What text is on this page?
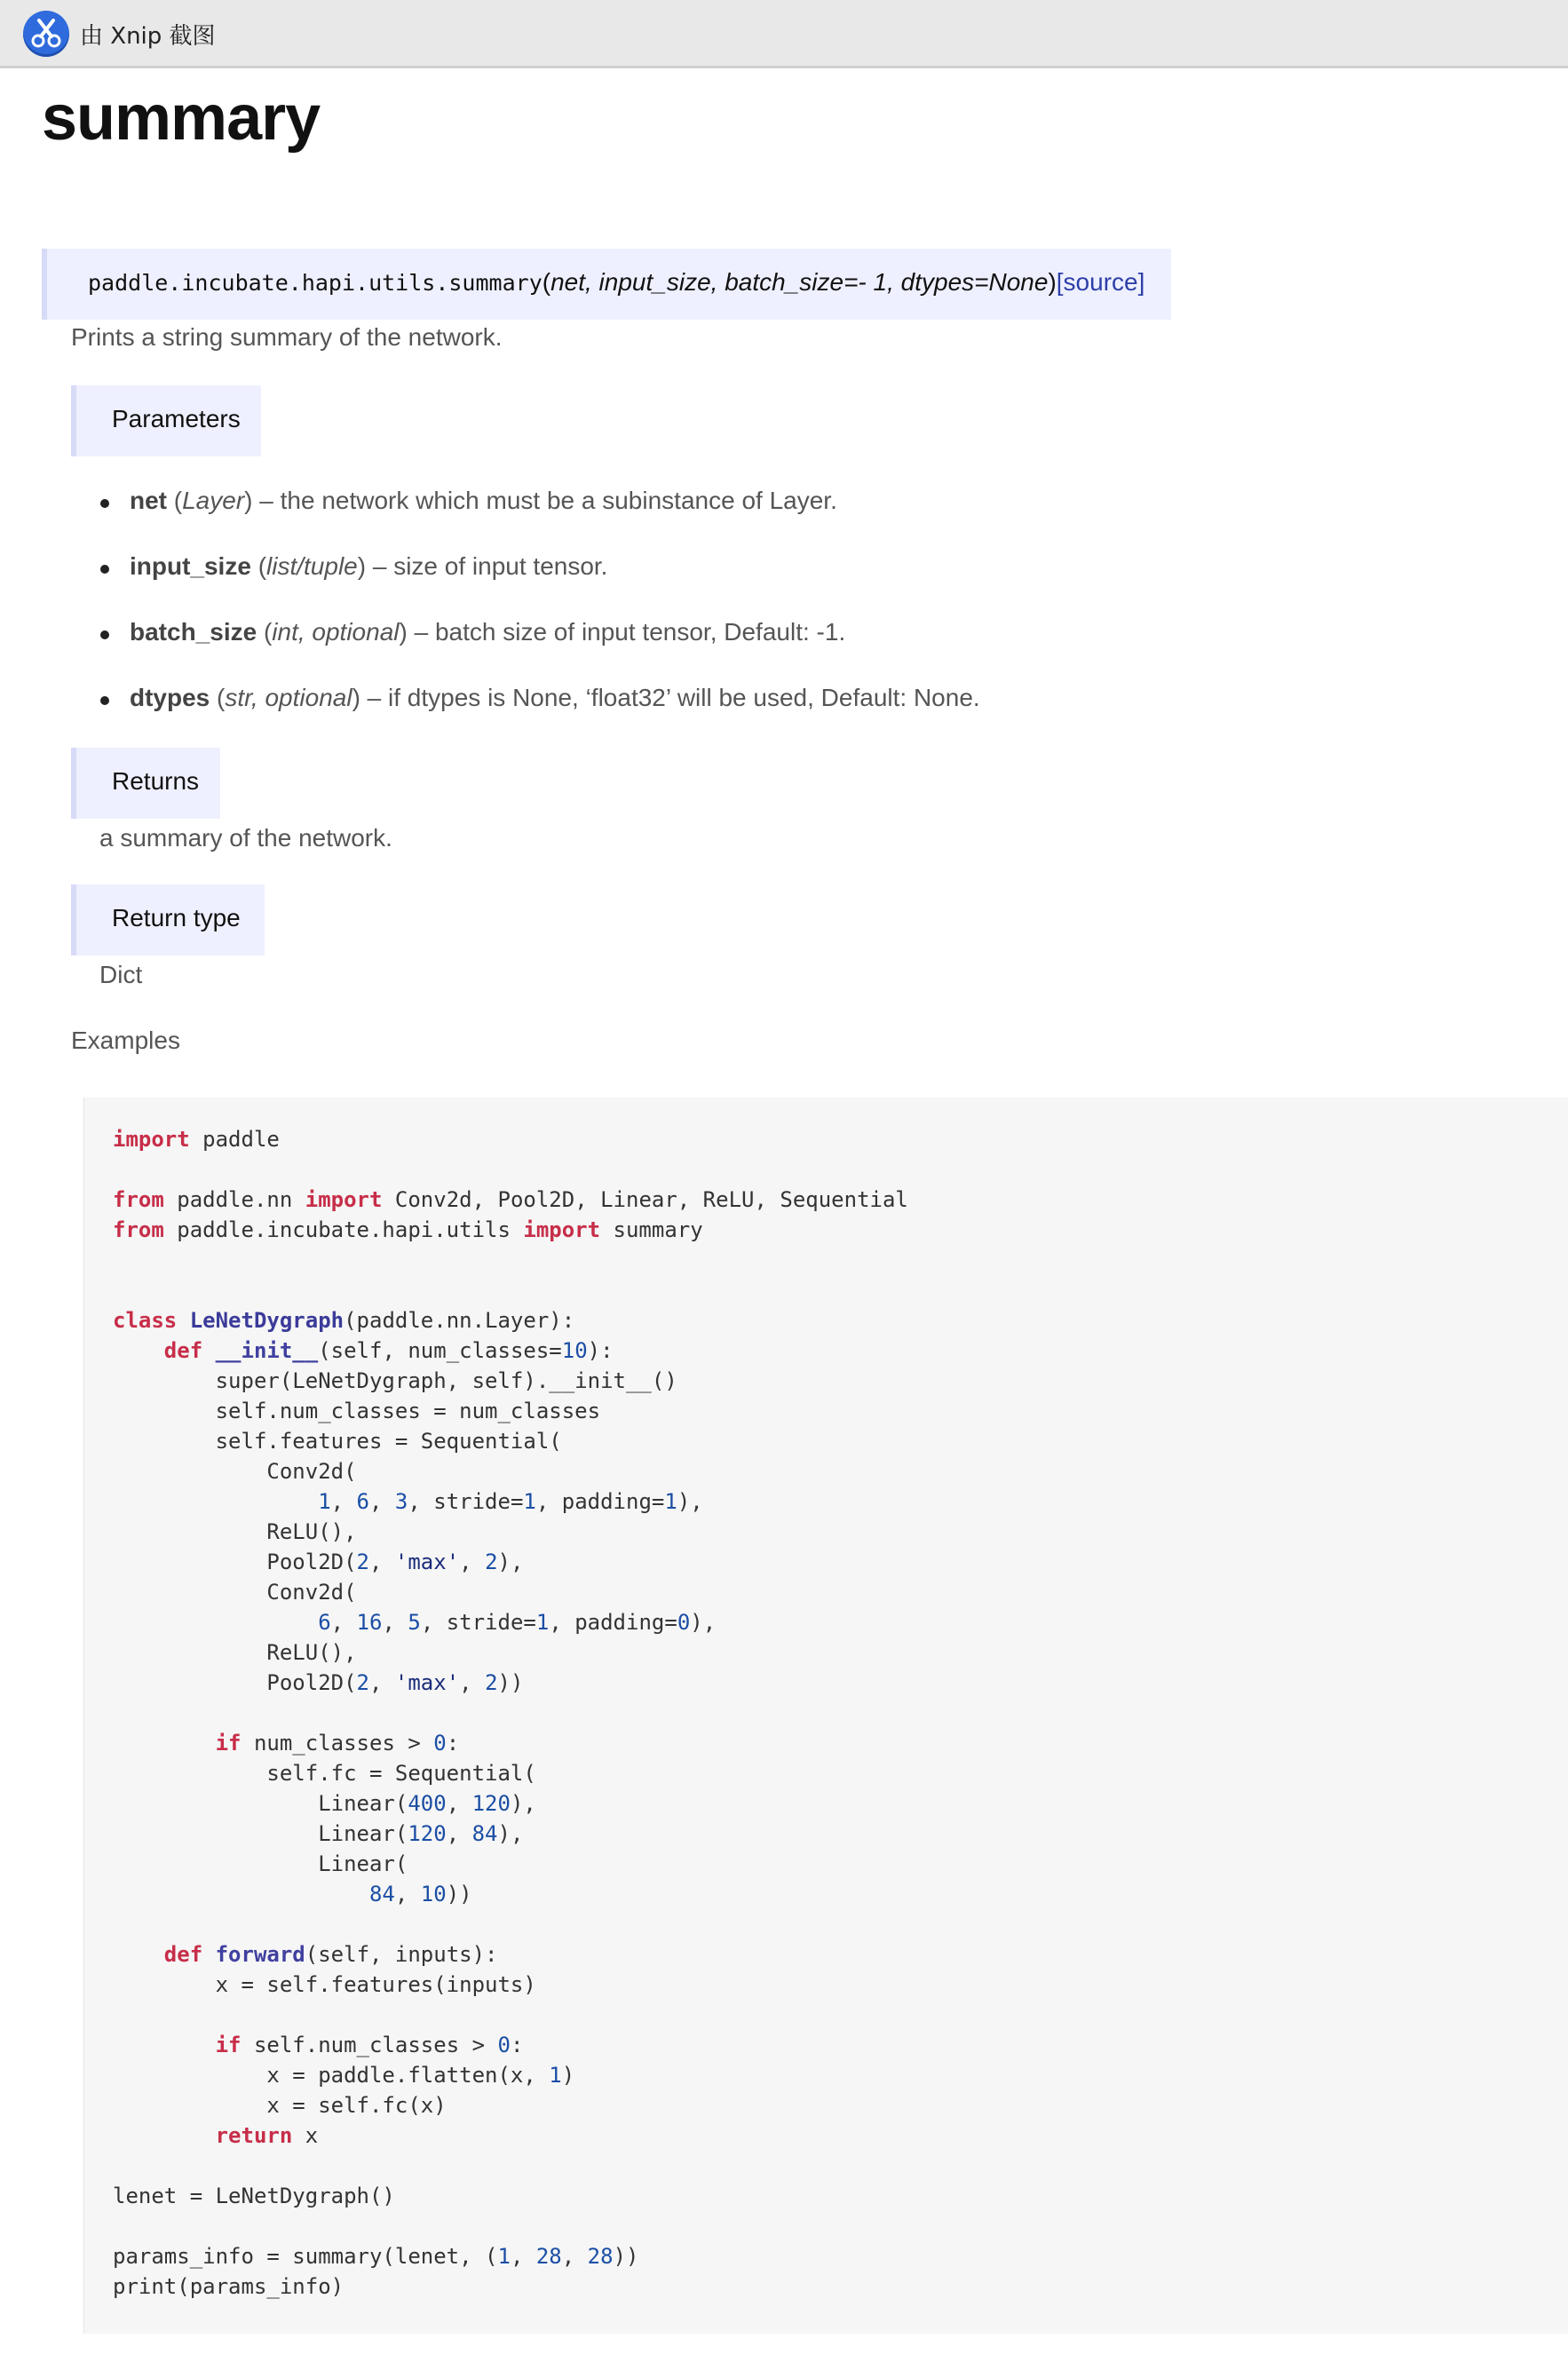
由 Xnip 截图
summary
paddle.incubate.hapi.utils.summary(net, input_size, batch_size=- 1, dtypes=None)[source]
Prints a string summary of the network.
Parameters
net (Layer) – the network which must be a subinstance of Layer.
input_size (list/tuple) – size of input tensor.
batch_size (int, optional) – batch size of input tensor, Default: -1.
dtypes (str, optional) – if dtypes is None, ‘float32’ will be used, Default: None.
Returns
a summary of the network.
Return type
Dict
Examples
import paddle

from paddle.nn import Conv2d, Pool2D, Linear, ReLU, Sequential
from paddle.incubate.hapi.utils import summary

class LeNetDygraph(paddle.nn.Layer):
def __init__(self, num_classes=10):
super(LeNetDygraph, self).__init__()
self.num_classes = num_classes
self.features = Sequential(
Conv2d(
1, 6, 3, stride=1, padding=1),
ReLU(),
Pool2D(2, 'max', 2),
Conv2d(
6, 16, 5, stride=1, padding=0),
ReLU(),
Pool2D(2, 'max', 2))

if num_classes > 0:
self.fc = Sequential(
Linear(400, 120),
Linear(120, 84),
Linear(
84, 10))

def forward(self, inputs):
x = self.features(inputs)

if self.num_classes > 0:
x = paddle.flatten(x, 1)
x = self.fc(x)
return x

lenet = LeNetDygraph()

params_info = summary(lenet, (1, 28, 28))
print(params_info)
